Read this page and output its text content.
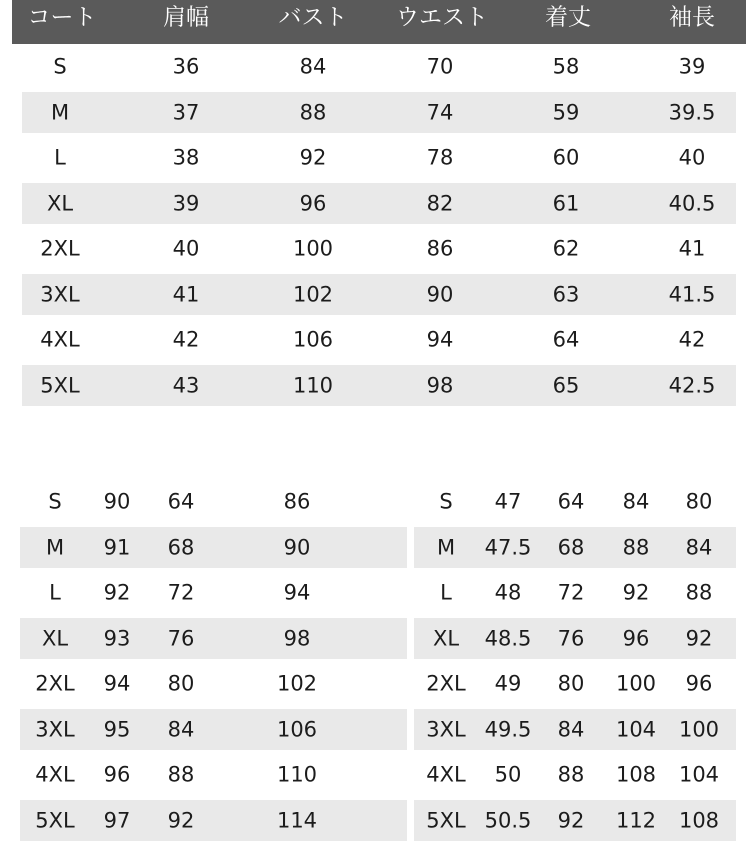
コート	肩幅	バスト ウエスト 着丈	袖長
S	36	84	70	58	39
M	37	88	74	59	39.5
L	38	92	78	60	40
XL	39	96	82	61	40.5
2XL	40	100	86	62	41
3XL	41	102	90	63	41.5
4XL	42	106	94	64	42
5XL	43	110	98	65	42.5
パンツ パンツ丈 ウエスト	ヒップ
S 90 64	86
M 91 68	90
L 92 72	94
XL 93 76	98
2XL 94 80	102
3XL 95 84	106
4XL 96 88	110
5XL 97 92	114
スカート スカート丈
ウエスト ヒップ 裾周り
S 47 64 84 80
M 47.5 68 88 84
L 48 72 92 88
XL 48.5 76 96 92
2XL 49 80 100 96
3XL 49.5 84 104 100
4XL 50 88 108 104
5XL 50.5 92 112 108
